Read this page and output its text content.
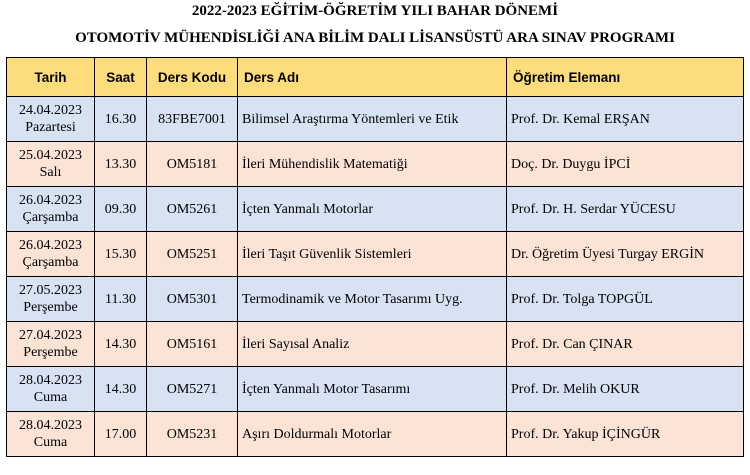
2022-2023 EĞİTİM-ÖĞRETİM YILI BAHAR DÖNEMİ
OTOMOTİV MÜHENDİSLİĞİ ANA BİLİM DALI LİSANSÜSTÜ ARA SINAV PROGRAMI
Tarih	Saat	Ders Kodu	Ders Adı	Öğretim Elemanı

24.04.2023
Pazartesi	16.30	83FBE7001	Bilimsel Araştırma Yöntemleri ve Etik	Prof. Dr. Kemal ERŞAN

25.04.2023
Salı	13.30	OM5181	İleri Mühendislik Matematiği	Doç. Dr. Duygu İPCİ

26.04.2023
Çarşamba	09.30	OM5261	İçten Yanmalı Motorlar	Prof. Dr. H. Serdar YÜCESU

26.04.2023
Çarşamba	15.30	OM5251	İleri Taşıt Güvenlik Sistemleri	Dr. Öğretim Üyesi Turgay ERGİN

27.05.2023
Perşembe	11.30	OM5301	Termodinamik ve Motor Tasarımı Uyg.	Prof. Dr. Tolga TOPGÜL

27.04.2023
Perşembe	14.30	OM5161	İleri Sayısal Analiz	Prof. Dr. Can ÇINAR

28.04.2023
Cuma	14.30	OM5271	İçten Yanmalı Motor Tasarımı	Prof. Dr. Melih OKUR

28.04.2023
Cuma	17.00	OM5231	Aşırı Doldurmalı Motorlar	Prof. Dr. Yakup İÇİNGÜR
